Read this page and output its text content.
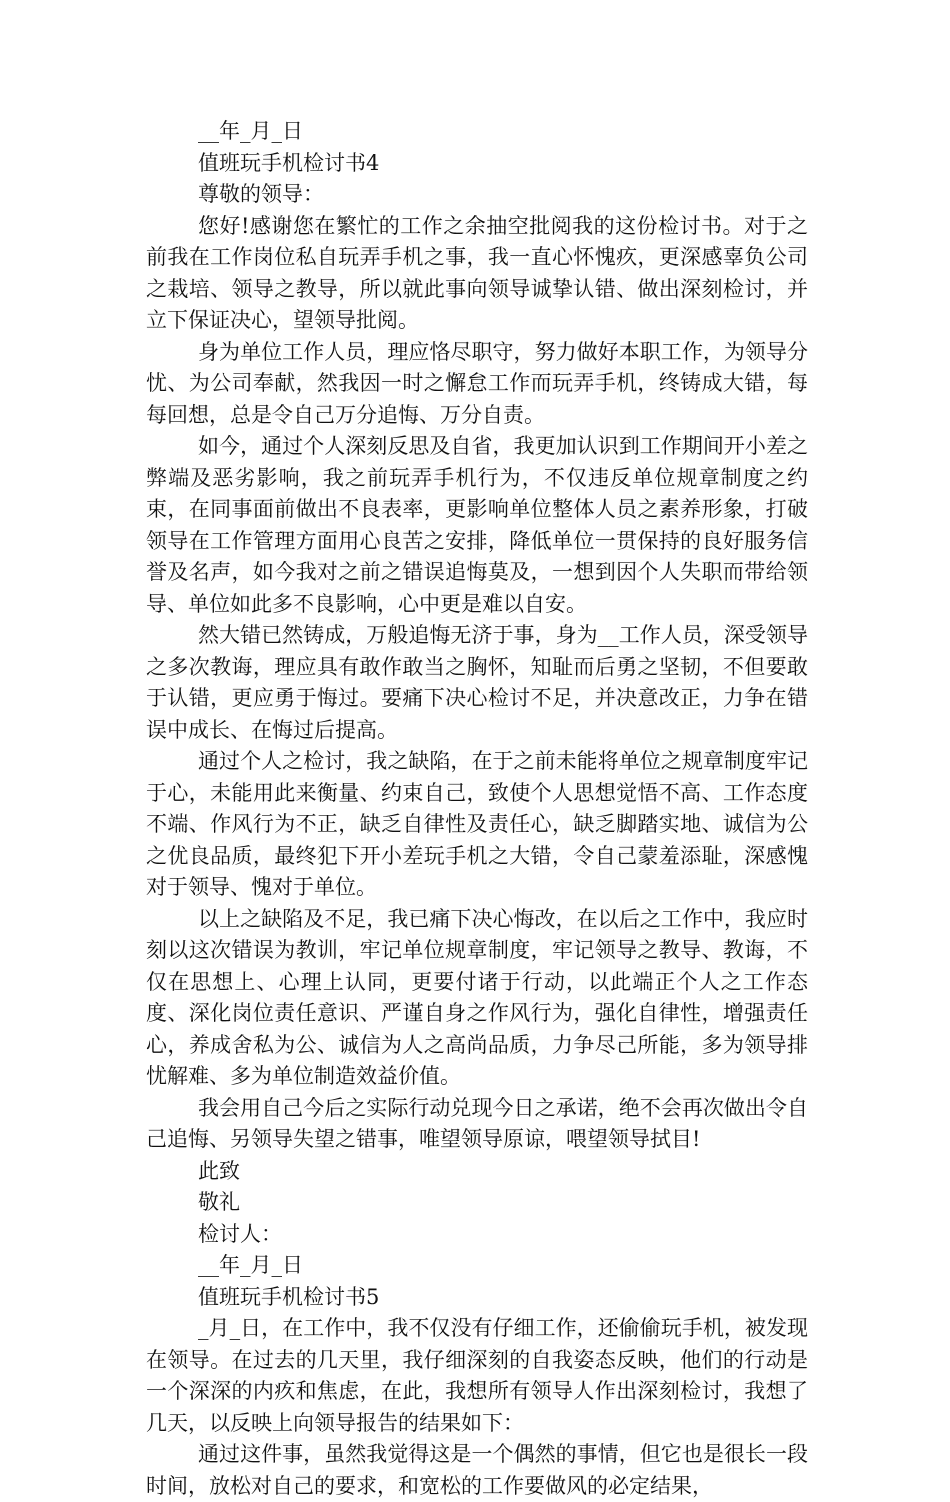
__年_月_日

值班玩手机检讨书4

尊敬的领导：

您好!感谢您在繁忙的工作之余抽空批阅我的这份检讨书。对于之前我在工作岗位私自玩弄手机之事，我一直心怀愧疚，更深感辜负公司之栽培、领导之教导，所以就此事向领导诚挚认错、做出深刻检讨，并立下保证决心，望领导批阅。

身为单位工作人员，理应恪尽职守，努力做好本职工作，为领导分忧、为公司奉献，然我因一时之懈怠工作而玩弄手机，终铸成大错，每每回想，总是令自己万分追悔、万分自责。

如今，通过个人深刻反思及自省，我更加认识到工作期间开小差之弊端及恶劣影响，我之前玩弄手机行为，不仅违反单位规章制度之约束，在同事面前做出不良表率，更影响单位整体人员之素养形象，打破领导在工作管理方面用心良苦之安排，降低单位一贯保持的良好服务信誉及名声，如今我对之前之错误追悔莫及，一想到因个人失职而带给领导、单位如此多不良影响，心中更是难以自安。

然大错已然铸成，万般追悔无济于事，身为__工作人员，深受领导之多次教诲，理应具有敢作敢当之胸怀，知耻而后勇之坚韧，不但要敢于认错，更应勇于悔过。要痛下决心检讨不足，并决意改正，力争在错误中成长、在悔过后提高。

通过个人之检讨，我之缺陷，在于之前未能将单位之规章制度牢记于心，未能用此来衡量、约束自己，致使个人思想觉悟不高、工作态度不端、作风行为不正，缺乏自律性及责任心，缺乏脚踏实地、诚信为公之优良品质，最终犯下开小差玩手机之大错，令自己蒙羞添耻，深感愧对于领导、愧对于单位。

以上之缺陷及不足，我已痛下决心悔改，在以后之工作中，我应时刻以这次错误为教训，牢记单位规章制度，牢记领导之教导、教诲，不仅在思想上、心理上认同，更要付诸于行动，以此端正个人之工作态度、深化岗位责任意识、严谨自身之作风行为，强化自律性，增强责任心，养成舍私为公、诚信为人之高尚品质，力争尽己所能，多为领导排忧解难、多为单位制造效益价值。

我会用自己今后之实际行动兑现今日之承诺，绝不会再次做出令自己追悔、另领导失望之错事，唯望领导原谅，喂望领导拭目!

此致

敬礼

检讨人：

__年_月_日

值班玩手机检讨书5

_月_日，在工作中，我不仅没有仔细工作，还偷偷玩手机，被发现在领导。在过去的几天里，我仔细深刻的自我姿态反映，他们的行动是一个深深的内疚和焦虑，在此，我想所有领导人作出深刻检讨，我想了几天，以反映上向领导报告的结果如下：

通过这件事，虽然我觉得这是一个偶然的事情，但它也是很长一段时间，放松对自己的要求，和宽松的工作要做风的必定结果，
